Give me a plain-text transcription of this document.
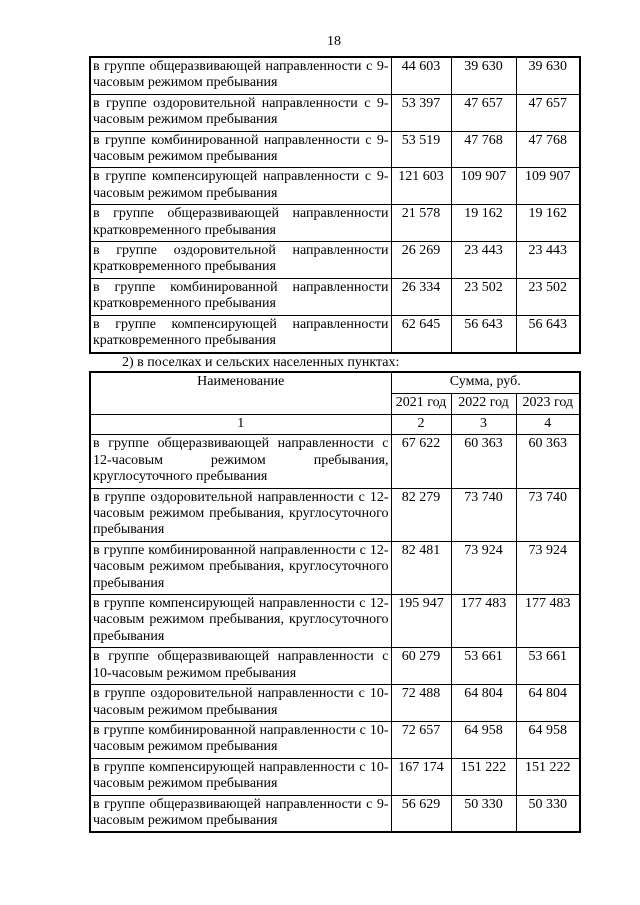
18
в группе общеразвивающей направленности с 9-часовым режимом пребывания	44 603	39 630	39 630
в группе оздоровительной направленности с 9-часовым режимом пребывания	53 397	47 657	47 657
в группе комбинированной направленности с 9-часовым режимом пребывания	53 519	47 768	47 768
в группе компенсирующей направленности с 9-часовым режимом пребывания	121 603	109 907	109 907
в группе общеразвивающей направленности кратковременного пребывания	21 578	19 162	19 162
в группе оздоровительной направленности кратковременного пребывания	26 269	23 443	23 443
в группе комбинированной направленности кратковременного пребывания	26 334	23 502	23 502
в группе компенсирующей направленности кратковременного пребывания	62 645	56 643	56 643

2) в поселках и сельских населенных пунктах:

Наименование	Сумма, руб.		
	2021 год	2022 год	2023 год
1	2	3	4
в группе общеразвивающей направленности с 12-часовым режимом пребывания, круглосуточного пребывания	67 622	60 363	60 363
в группе оздоровительной направленности с 12-часовым режимом пребывания, круглосуточного пребывания	82 279	73 740	73 740
в группе комбинированной направленности с 12-часовым режимом пребывания, круглосуточного пребывания	82 481	73 924	73 924
в группе компенсирующей направленности с 12-часовым режимом пребывания, круглосуточного пребывания	195 947	177 483	177 483
в группе общеразвивающей направленности с 10-часовым режимом пребывания	60 279	53 661	53 661
в группе оздоровительной направленности с 10-часовым режимом пребывания	72 488	64 804	64 804
в группе комбинированной направленности с 10-часовым режимом пребывания	72 657	64 958	64 958
в группе компенсирующей направленности с 10-часовым режимом пребывания	167 174	151 222	151 222
в группе общеразвивающей направленности с 9-часовым режимом пребывания	56 629	50 330	50 330
